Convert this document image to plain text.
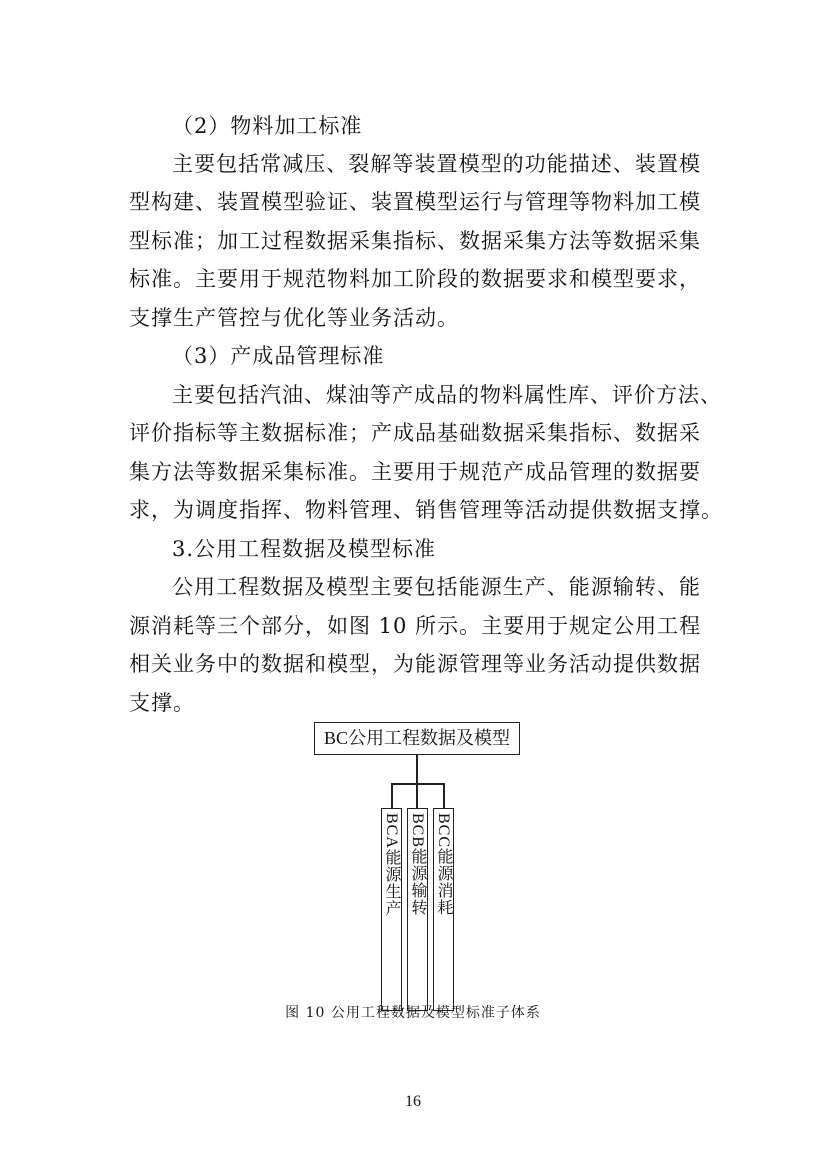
（2）物料加工标准
主要包括常减压、裂解等装置模型的功能描述、装置模
型构建、装置模型验证、装置模型运行与管理等物料加工模
型标准；加工过程数据采集指标、数据采集方法等数据采集
标准。主要用于规范物料加工阶段的数据要求和模型要求，
支撑生产管控与优化等业务活动。
（3）产成品管理标准
主要包括汽油、煤油等产成品的物料属性库、评价方法、
评价指标等主数据标准；产成品基础数据采集指标、数据采
集方法等数据采集标准。主要用于规范产成品管理的数据要
求，为调度指挥、物料管理、销售管理等活动提供数据支撑。
3.公用工程数据及模型标准
公用工程数据及模型主要包括能源生产、能源输转、能
源消耗等三个部分，如图 10 所示。主要用于规定公用工程
相关业务中的数据和模型，为能源管理等业务活动提供数据
支撑。
BC公用工程数据及模型
BCA能源生产 BCB能源输转 BCC能源消耗
图 10 公用工程数据及模型标准子体系
16
